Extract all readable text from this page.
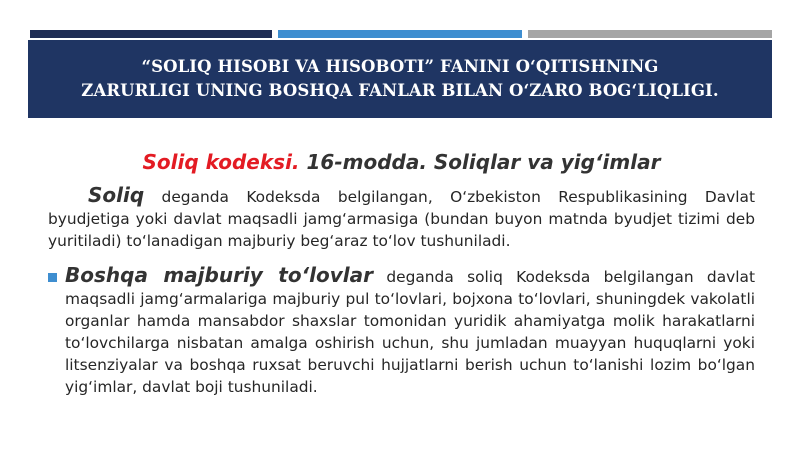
“SOLIQ HISOBI VA HISOBOTI” FANINI O‘QITISHNING
ZARURLIGI UNING BOSHQA FANLAR BILAN O‘ZARO BOG‘LIQLIGI.

Soliq kodeksi. 16-modda. Soliqlar va yig‘imlar

Soliq deganda Kodeksda belgilangan, O‘zbekiston Respublikasining Davlat byudjetiga yoki davlat maqsadli jamg‘armasiga (bundan buyon matnda byudjet tizimi deb yuritiladi) to‘lanadigan majburiy beg‘araz to‘lov tushuniladi.

Boshqa majburiy to‘lovlar deganda soliq Kodeksda belgilangan davlat maqsadli jamg‘armalariga majburiy pul to‘lovlari, bojxona to‘lovlari, shuningdek vakolatli organlar hamda mansabdor shaxslar tomonidan yuridik ahamiyatga molik harakatlarni to‘lovchilarga nisbatan amalga oshirish uchun, shu jumladan muayyan huquqlarni yoki litsenziyalar va boshqa ruxsat beruvchi hujjatlarni berish uchun to‘lanishi lozim bo‘lgan yig‘imlar, davlat boji tushuniladi.
